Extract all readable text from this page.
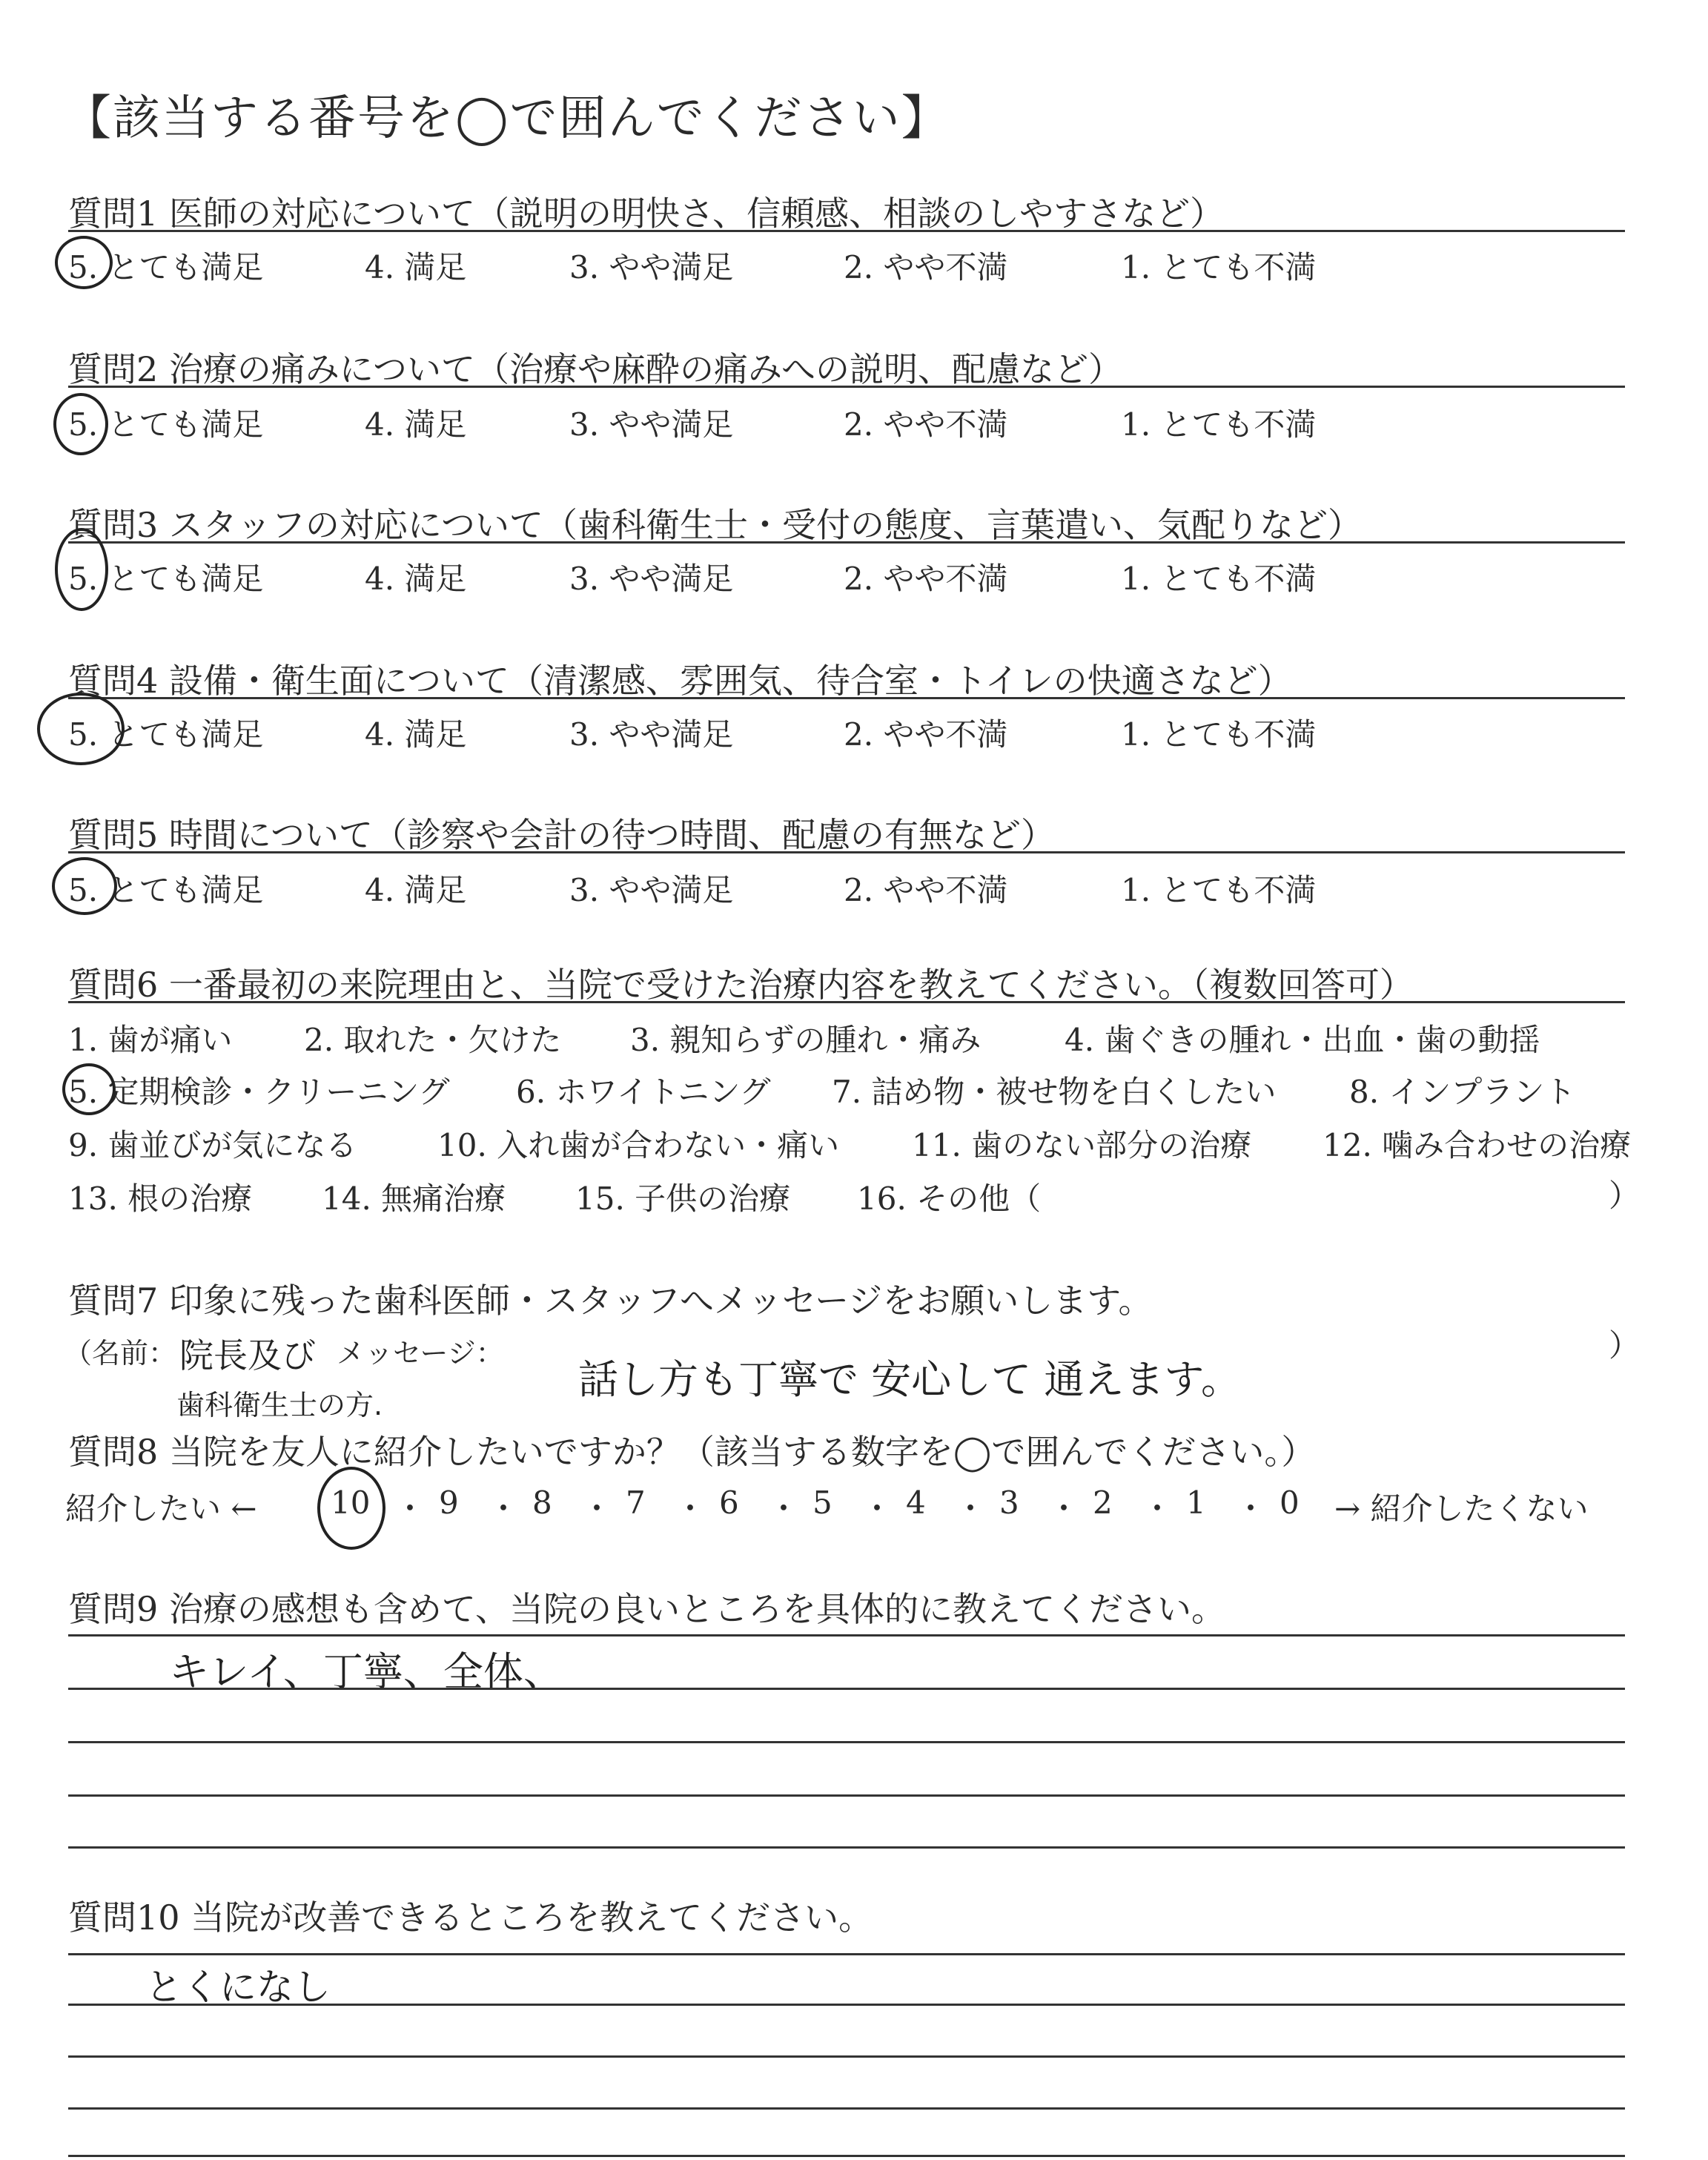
【該当する番号を◯で囲んでください】
質問1 医師の対応について（説明の明快さ、信頼感、相談のしやすさなど）
5. とても満足	4. 満足	3. やや満足	2. やや不満	1. とても不満
質問2 治療の痛みについて（治療や麻酔の痛みへの説明、配慮など）
5. とても満足	4. 満足	3. やや満足	2. やや不満	1. とても不満
質問3 スタッフの対応について（歯科衛生士・受付の態度、言葉遣い、気配りなど）
5. とても満足	4. 満足	3. やや満足	2. やや不満	1. とても不満
質問4 設備・衛生面について（清潔感、雰囲気、待合室・トイレの快適さなど）
5. とても満足	4. 満足	3. やや満足	2. やや不満	1. とても不満
質問5 時間について（診察や会計の待つ時間、配慮の有無など）
5. とても満足	4. 満足	3. やや満足	2. やや不満	1. とても不満
質問6 一番最初の来院理由と、当院で受けた治療内容を教えてください。（複数回答可）
1. 歯が痛い 2. 取れた・欠けた 3. 親知らずの腫れ・痛み	4. 歯ぐきの腫れ・出血・歯の動揺
5. 定期検診・クリーニング 6. ホワイトニング 7. 詰め物・被せ物を白くしたい 8. インプラント
9. 歯並びが気になる	10. 入れ歯が合わない・痛い 11. 歯のない部分の治療 12. 噛み合わせの治療
13. 根の治療 14. 無痛治療 15. 子供の治療 16. その他（	）
質問7 印象に残った歯科医師・スタッフへメッセージをお願いします。
（名前： 院長及び
歯科衛生士の方.
メッセージ：
話し方も丁寧で 安心して 通えます。
）
質問8 当院を友人に紹介したいですか？（該当する数字を◯で囲んでください。）
紹介したい ← 10 ・ 9 ・ 8 ・ 7 ・ 6 ・ 5 ・ 4 ・ 3 ・ 2 ・ 1 ・ 0 → 紹介したくない
質問9 治療の感想も含めて、当院の良いところを具体的に教えてください。
キレイ、丁寧、全体、
質問10 当院が改善できるところを教えてください。
とくになし
